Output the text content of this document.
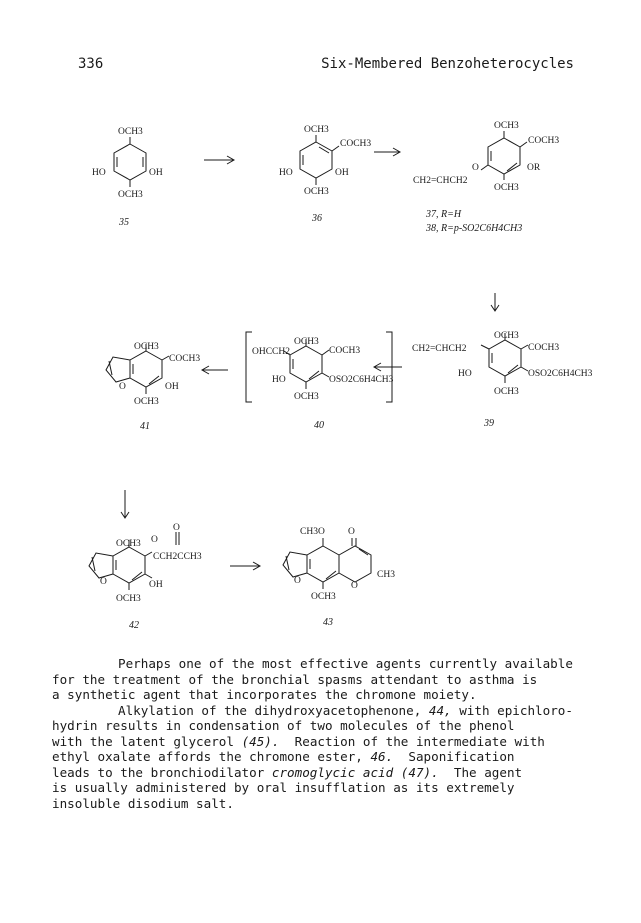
336	Six-Membered Benzoheterocycles
OCH3
HO	OH
OCH3
35
OCH3
COCH3
HO	OH
OCH3
36
OCH3
COCH3
OR
O
CH2=CHCH2
OCH3
37, R=H
38, R=p-SO2C6H4CH3
OCH3
COCH3
CH2=CHCH2
HO	OSO2C6H4CH3
OCH3
39
OCH3
COCH3
OHCCH2
HO	OSO2C6H4CH3
OCH3
40
OCH3
COCH3
O	OH
OCH3
41
OCH3 O
O
CCH2CCH3
O	OH
OCH3
42
CH3O O
O	O
CH3
OCH3
43

Perhaps one of the most effective agents currently available
for the treatment of the bronchial spasms attendant to asthma is
a synthetic agent that incorporates the chromone moiety.

Alkylation of the dihydroxyacetophenone, 44, with epichloro-
hydrin results in condensation of two molecules of the phenol
with the latent glycerol (45).  Reaction of the intermediate with
ethyl oxalate affords the chromone ester, 46.  Saponification
leads to the bronchiodilator cromoglycic acid (47).  The agent
is usually administered by oral insufflation as its extremely
insoluble disodium salt.
